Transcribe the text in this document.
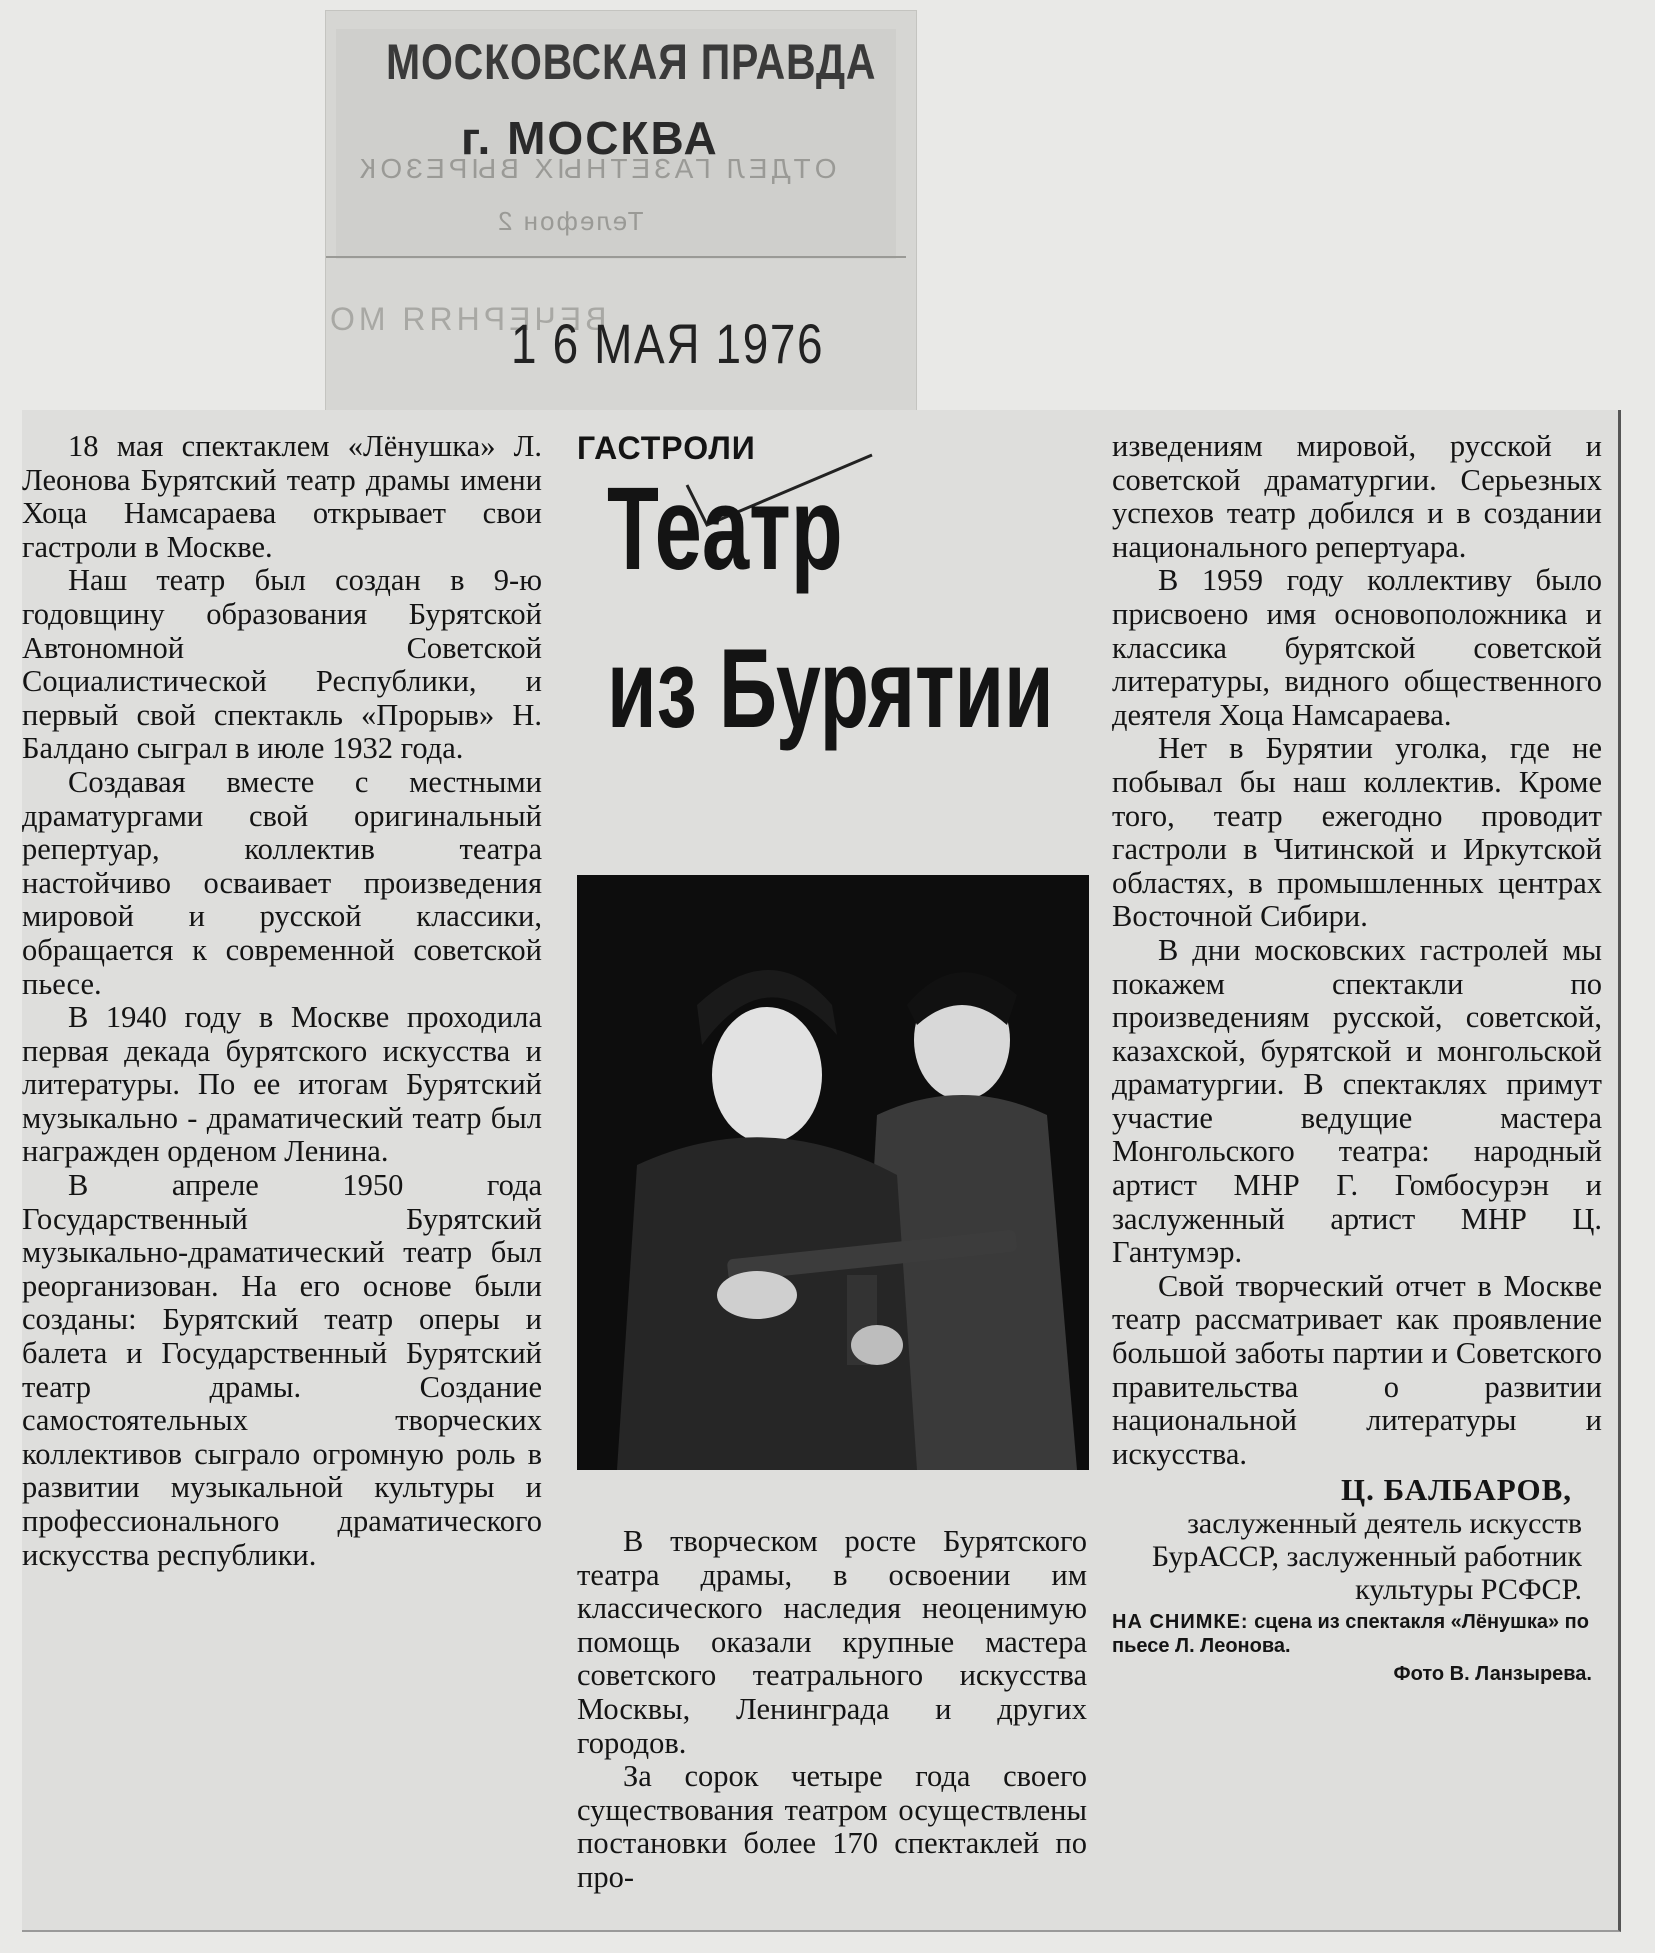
МОСКОВСКАЯ ПРАВДА
г. МОСКВА
ОТДЕЛ ГАЗЕТНЫХ ВЫРЕЗОК
Телефон 2
ВЕЧЕРНЯЯ МО
1 6 МАЯ 1976

18 мая спектаклем «Лёнушка» Л. Леонова Бурятский театр драмы имени Хоца Намсараева открывает свои гастроли в Москве.

Наш театр был создан в 9-ю годовщину образования Бурятской Автономной Советской Социалистической Республики, и первый свой спектакль «Прорыв» Н. Балдано сыграл в июле 1932 года.

Создавая вместе с местными драматургами свой оригинальный репертуар, коллектив театра настойчиво осваивает произведения мировой и русской классики, обращается к современной советской пьесе.

В 1940 году в Москве проходила первая декада бурятского искусства и литературы. По ее итогам Бурятский музыкально - драматический театр был награжден орденом Ленина.

В апреле 1950 года Государственный Бурятский музыкально-драматический театр был реорганизован. На его основе были созданы: Бурятский театр оперы и балета и Государственный Бурятский театр драмы. Создание самостоятельных творческих коллективов сыграло огромную роль в развитии музыкальной культуры и профессионального драматического искусства республики.

ГАСТРОЛИ
Театр
из Бурятии

В творческом росте Бурятского театра драмы, в освоении им классического наследия неоценимую помощь оказали крупные мастера советского театрального искусства Москвы, Ленинграда и других городов.

За сорок четыре года своего существования театром осуществлены постановки более 170 спектаклей по про-

изведениям мировой, русской и советской драматургии. Серьезных успехов театр добился и в создании национального репертуара.

В 1959 году коллективу было присвоено имя основоположника и классика бурятской советской литературы, видного общественного деятеля Хоца Намсараева.

Нет в Бурятии уголка, где не побывал бы наш коллектив. Кроме того, театр ежегодно проводит гастроли в Читинской и Иркутской областях, в промышленных центрах Восточной Сибири.

В дни московских гастролей мы покажем спектакли по произведениям русской, советской, казахской, бурятской и монгольской драматургии. В спектаклях примут участие ведущие мастера Монгольского театра: народный артист МНР Г. Гомбосурэн и заслуженный артист МНР Ц. Гантумэр.

Свой творческий отчет в Москве театр рассматривает как проявление большой заботы партии и Советского правительства о развитии национальной литературы и искусства.

Ц. БАЛБАРОВ,
заслуженный деятель искусств БурАССР, заслуженный работник культуры РСФСР.
НА СНИМКЕ: сцена из спектакля «Лёнушка» по пьесе Л. Леонова.
Фото В. Ланзырева.
